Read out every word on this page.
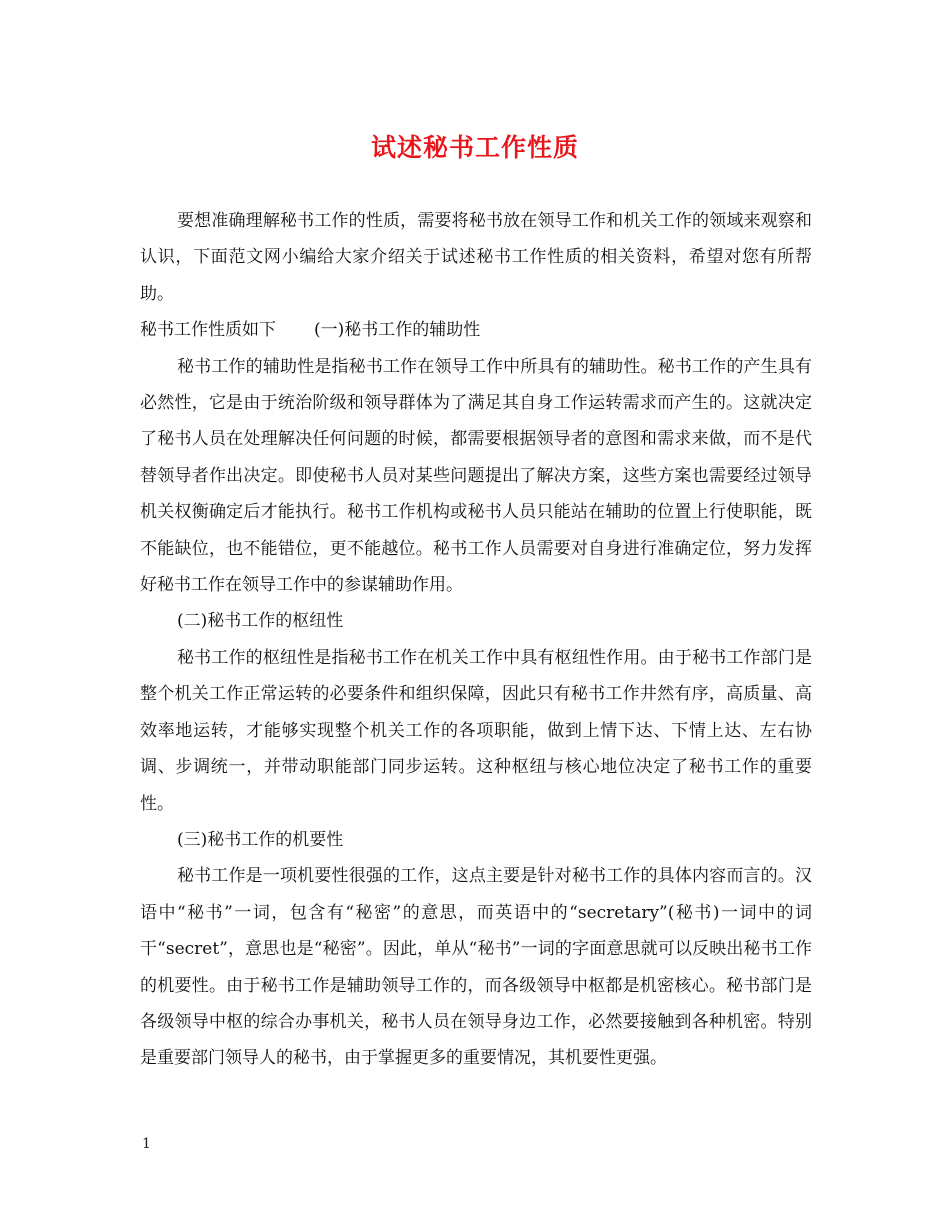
试述秘书工作性质

要想准确理解秘书工作的性质，需要将秘书放在领导工作和机关工作的领域来观察和认识，下面范文网小编给大家介绍关于试述秘书工作性质的相关资料，希望对您有所帮助。

秘书工作性质如下 (一)秘书工作的辅助性

秘书工作的辅助性是指秘书工作在领导工作中所具有的辅助性。秘书工作的产生具有必然性，它是由于统治阶级和领导群体为了满足其自身工作运转需求而产生的。这就决定了秘书人员在处理解决任何问题的时候，都需要根据领导者的意图和需求来做，而不是代替领导者作出决定。即使秘书人员对某些问题提出了解决方案，这些方案也需要经过领导机关权衡确定后才能执行。秘书工作机构或秘书人员只能站在辅助的位置上行使职能，既不能缺位，也不能错位，更不能越位。秘书工作人员需要对自身进行准确定位，努力发挥好秘书工作在领导工作中的参谋辅助作用。

(二)秘书工作的枢纽性

秘书工作的枢纽性是指秘书工作在机关工作中具有枢纽性作用。由于秘书工作部门是整个机关工作正常运转的必要条件和组织保障，因此只有秘书工作井然有序，高质量、高效率地运转，才能够实现整个机关工作的各项职能，做到上情下达、下情上达、左右协调、步调统一，并带动职能部门同步运转。这种枢纽与核心地位决定了秘书工作的重要性。

(三)秘书工作的机要性

秘书工作是一项机要性很强的工作，这点主要是针对秘书工作的具体内容而言的。汉语中“秘书”一词，包含有“秘密”的意思，而英语中的“secretary”(秘书)一词中的词干“secret”，意思也是“秘密”。因此，单从“秘书”一词的字面意思就可以反映出秘书工作的机要性。由于秘书工作是辅助领导工作的，而各级领导中枢都是机密核心。秘书部门是各级领导中枢的综合办事机关，秘书人员在领导身边工作，必然要接触到各种机密。特别是重要部门领导人的秘书，由于掌握更多的重要情况，其机要性更强。

1
